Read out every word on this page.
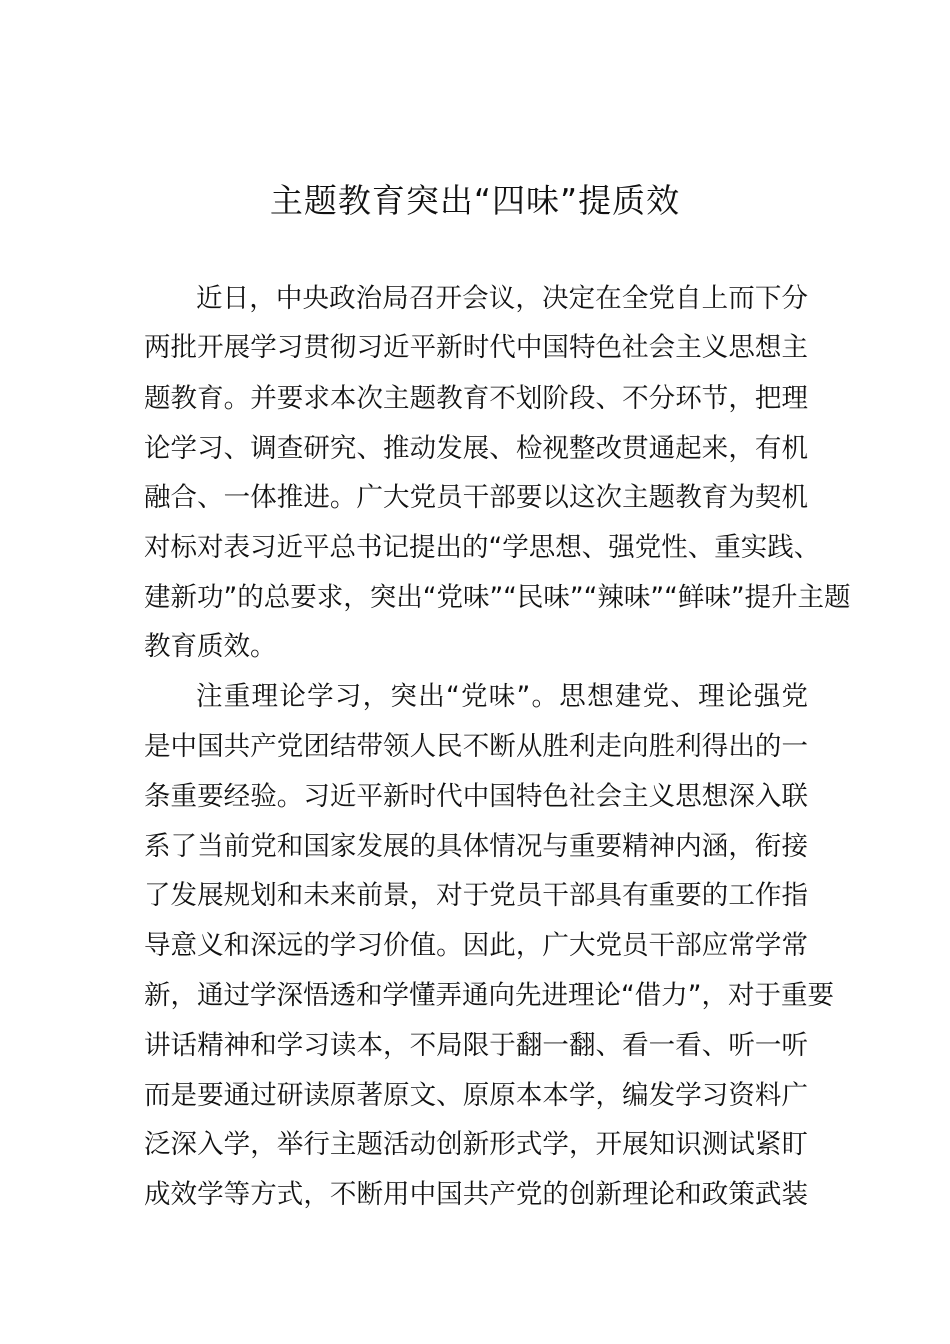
主题教育突出“四味”提质效
近日，中央政治局召开会议，决定在全党自上而下分
两批开展学习贯彻习近平新时代中国特色社会主义思想主
题教育。并要求本次主题教育不划阶段、不分环节，把理
论学习、调查研究、推动发展、检视整改贯通起来，有机
融合、一体推进。广大党员干部要以这次主题教育为契机
对标对表习近平总书记提出的“学思想、强党性、重实践、
建新功”的总要求，突出“党味”“民味”“辣味”“鲜味”提升主题
教育质效。
注重理论学习，突出“党味”。思想建党、理论强党
是中国共产党团结带领人民不断从胜利走向胜利得出的一
条重要经验。习近平新时代中国特色社会主义思想深入联
系了当前党和国家发展的具体情况与重要精神内涵，衔接
了发展规划和未来前景，对于党员干部具有重要的工作指
导意义和深远的学习价值。因此，广大党员干部应常学常
新，通过学深悟透和学懂弄通向先进理论“借力”，对于重要
讲话精神和学习读本，不局限于翻一翻、看一看、听一听
而是要通过研读原著原文、原原本本学，编发学习资料广
泛深入学，举行主题活动创新形式学，开展知识测试紧盯
成效学等方式，不断用中国共产党的创新理论和政策武装
